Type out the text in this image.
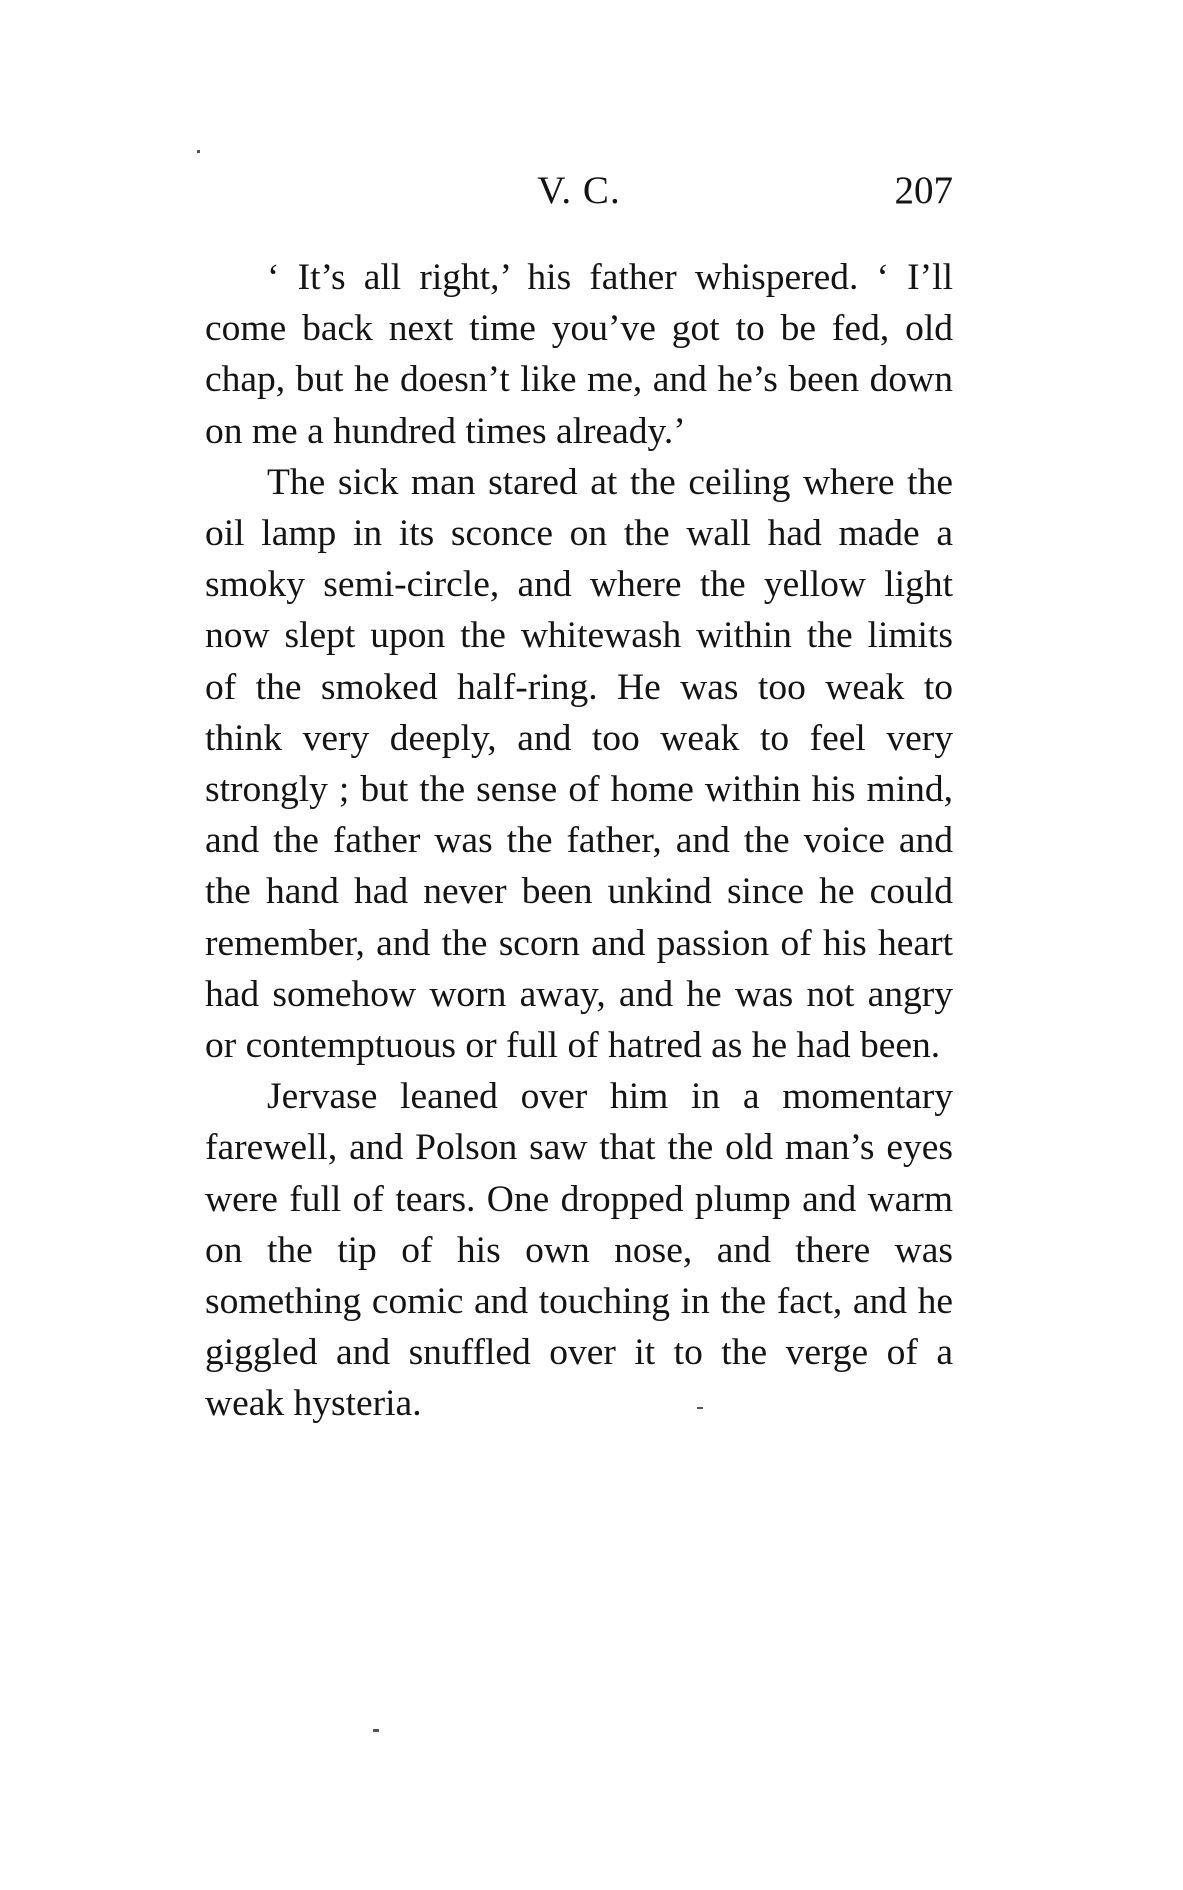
V. C.	207

‘ It’s all right,’ his father whispered. ‘ I’ll come back next time you’ve got to be fed, old chap, but he doesn’t like me, and he’s been down on me a hundred times already.’

The sick man stared at the ceiling where the oil lamp in its sconce on the wall had made a smoky semi-circle, and where the yellow light now slept upon the whitewash within the limits of the smoked half-ring. He was too weak to think very deeply, and too weak to feel very strongly ; but the sense of home within his mind, and the father was the father, and the voice and the hand had never been unkind since he could remember, and the scorn and passion of his heart had somehow worn away, and he was not angry or contemptuous or full of hatred as he had been.

Jervase leaned over him in a momentary farewell, and Polson saw that the old man’s eyes were full of tears. One dropped plump and warm on the tip of his own nose, and there was something comic and touching in the fact, and he giggled and snuffled over it to the verge of a weak hysteria.
